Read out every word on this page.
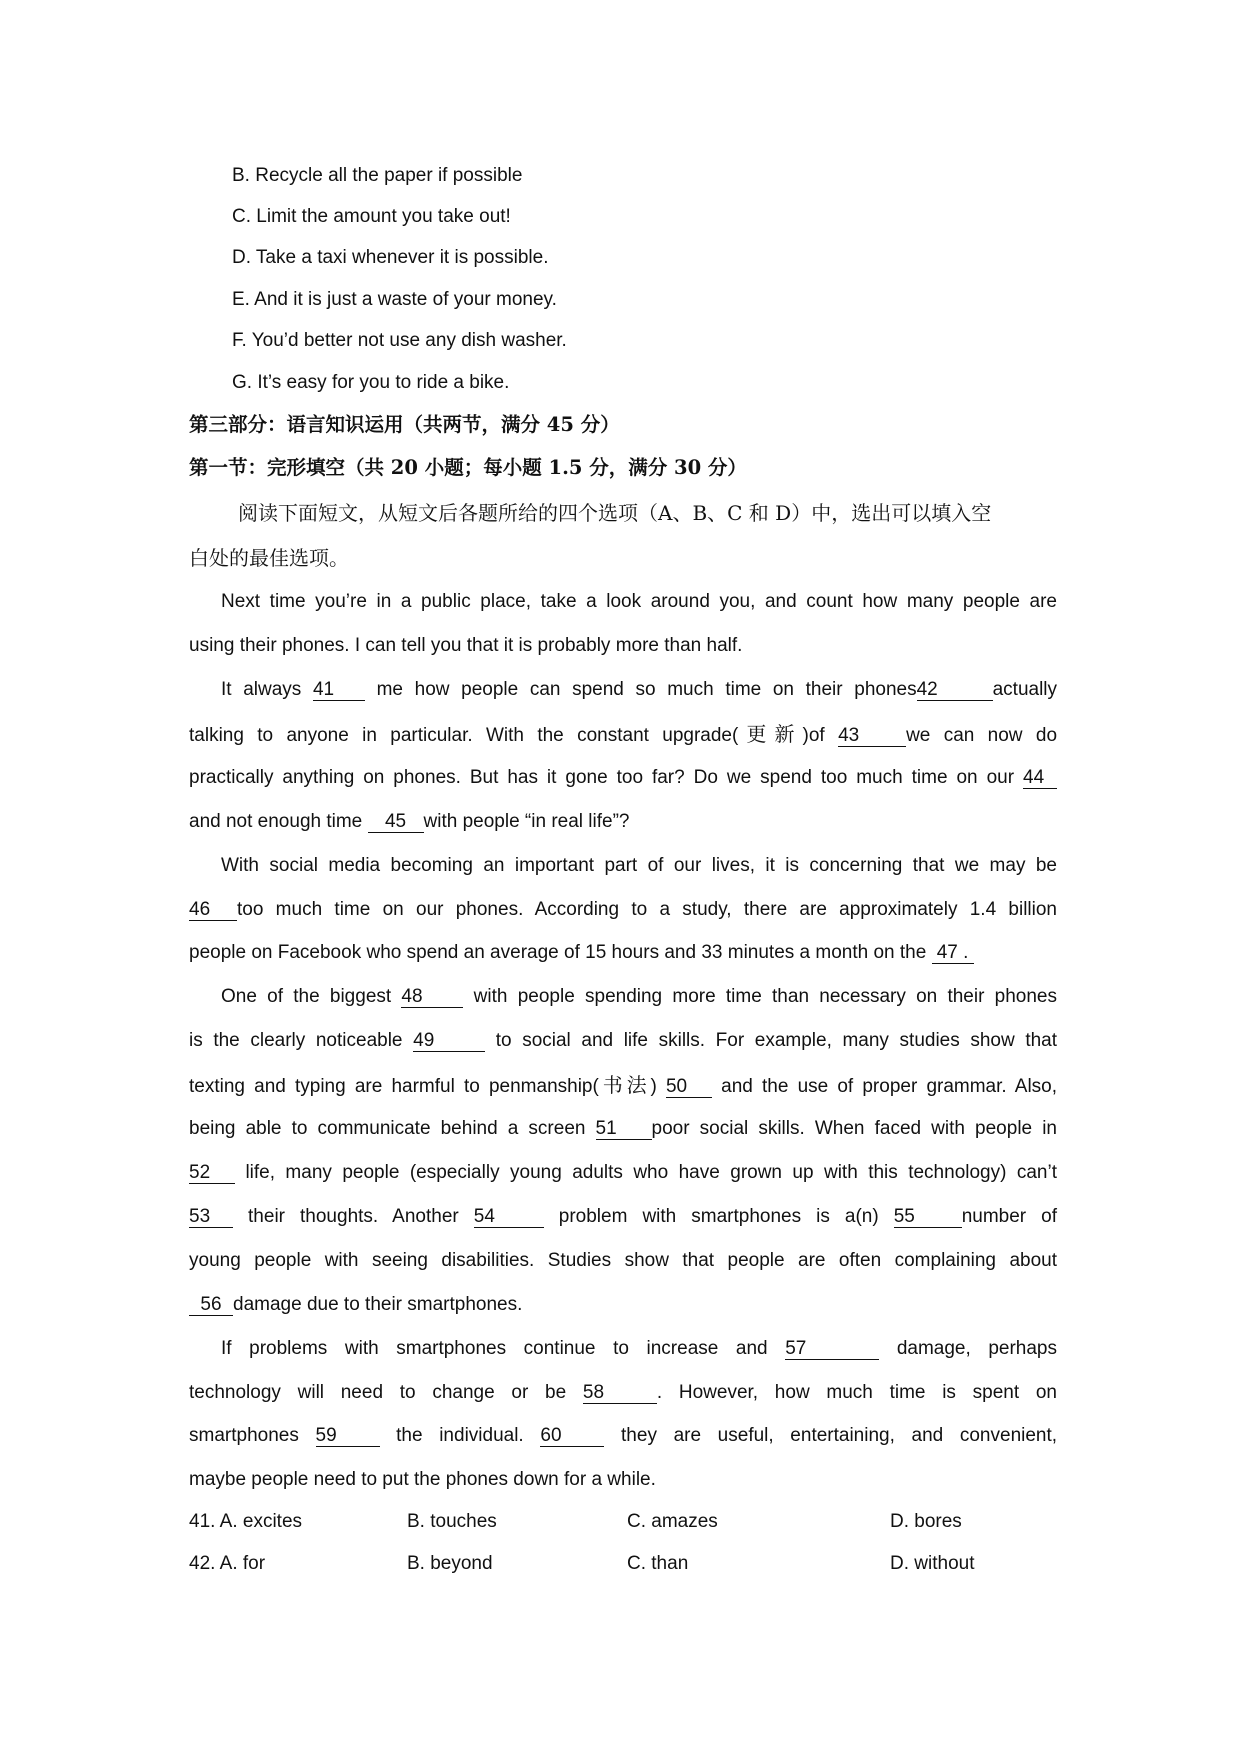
B. Recycle all the paper if possible
C. Limit the amount you take out!
D. Take a taxi whenever it is possible.
E. And it is just a waste of your money.
F. You’d better not use any dish washer.
G. It’s easy for you to ride a bike.
第三部分：语言知识运用（共两节，满分 45 分）
第一节：完形填空（共 20 小题；每小题 1.5 分，满分 30 分）
阅读下面短文，从短文后各题所给的四个选项（A、B、C 和 D）中，选出可以填入空
白处的最佳选项。
Next time you’re in a public place, take a look around you, and count how many people are
using their phones. I can tell you that it is probably more than half.
It always 41 me how people can spend so much time on their phones42	actually
talking to anyone in particular. With the constant upgrade(更新)of 43 we can now do
practically anything on phones. But has it gone too far? Do we spend too much time on our 44
and not enough time 45 with people “in real life”?
With social media becoming an important part of our lives, it is concerning that we may be
46 too much time on our phones. According to a study, there are approximately 1.4 billion
people on Facebook who spend an average of 15 hours and 33 minutes a month on the 47 .
One of the biggest 48	with people spending more time than necessary on their phones
is the clearly noticeable 49	to social and life skills. For example, many studies show that
texting and typing are harmful to penmanship(书法) 50 and the use of proper grammar. Also,
being able to communicate behind a screen 51 poor social skills. When faced with people in
52 life, many people (especially young adults who have grown up with this technology) can’t
53 their thoughts. Another 54	problem with smartphones is a(n) 55 number of
young people with seeing disabilities. Studies show that people are often complaining about
56 damage due to their smartphones.
If problems with smartphones continue to increase and 57	damage, perhaps
technology will need to change or be 58	. However, how much time is spent on
smartphones 59	the individual. 60	they are useful, entertaining, and convenient,
maybe people need to put the phones down for a while.
41. A. excites	B. touches	C. amazes	D. bores
42. A. for	B. beyond	C. than	D. without
